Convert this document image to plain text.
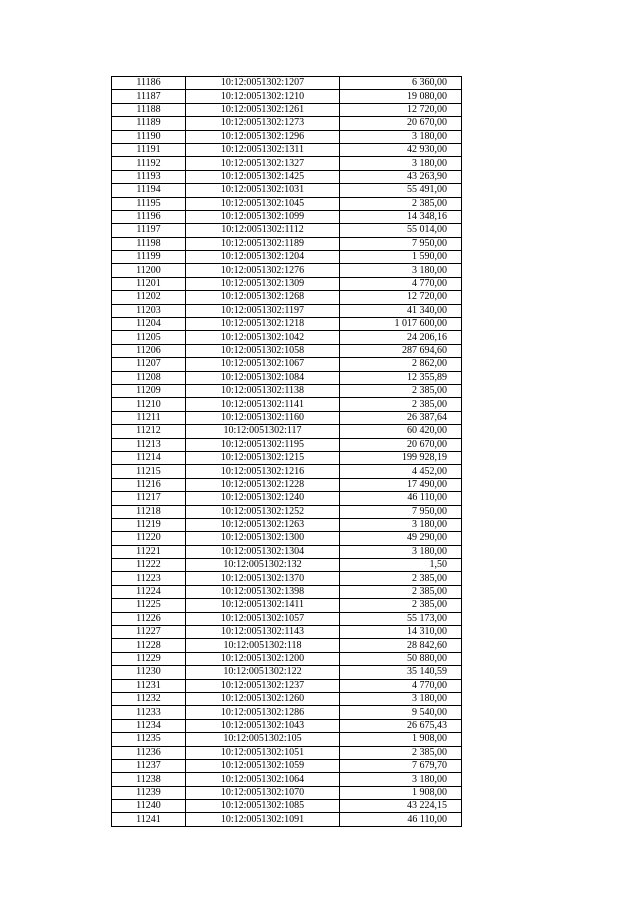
11186	10:12:0051302:1207	6 360,00
11187	10:12:0051302:1210	19 080,00
11188	10:12:0051302:1261	12 720,00
11189	10:12:0051302:1273	20 670,00
11190	10:12:0051302:1296	3 180,00
11191	10:12:0051302:1311	42 930,00
11192	10:12:0051302:1327	3 180,00
11193	10:12:0051302:1425	43 263,90
11194	10:12:0051302:1031	55 491,00
11195	10:12:0051302:1045	2 385,00
11196	10:12:0051302:1099	14 348,16
11197	10:12:0051302:1112	55 014,00
11198	10:12:0051302:1189	7 950,00
11199	10:12:0051302:1204	1 590,00
11200	10:12:0051302:1276	3 180,00
11201	10:12:0051302:1309	4 770,00
11202	10:12:0051302:1268	12 720,00
11203	10:12:0051302:1197	41 340,00
11204	10:12:0051302:1218	1 017 600,00
11205	10:12:0051302:1042	24 206,16
11206	10:12:0051302:1058	287 694,60
11207	10:12:0051302:1067	2 862,00
11208	10:12:0051302:1084	12 355,89
11209	10:12:0051302:1138	2 385,00
11210	10:12:0051302:1141	2 385,00
11211	10:12:0051302:1160	26 387,64
11212	10:12:0051302:117	60 420,00
11213	10:12:0051302:1195	20 670,00
11214	10:12:0051302:1215	199 928,19
11215	10:12:0051302:1216	4 452,00
11216	10:12:0051302:1228	17 490,00
11217	10:12:0051302:1240	46 110,00
11218	10:12:0051302:1252	7 950,00
11219	10:12:0051302:1263	3 180,00
11220	10:12:0051302:1300	49 290,00
11221	10:12:0051302:1304	3 180,00
11222	10:12:0051302:132	1,50
11223	10:12:0051302:1370	2 385,00
11224	10:12:0051302:1398	2 385,00
11225	10:12:0051302:1411	2 385,00
11226	10:12:0051302:1057	55 173,00
11227	10:12:0051302:1143	14 310,00
11228	10:12:0051302:118	28 842,60
11229	10:12:0051302:1200	50 880,00
11230	10:12:0051302:122	35 140,59
11231	10:12:0051302:1237	4 770,00
11232	10:12:0051302:1260	3 180,00
11233	10:12:0051302:1286	9 540,00
11234	10:12:0051302:1043	26 675,43
11235	10:12:0051302:105	1 908,00
11236	10:12:0051302:1051	2 385,00
11237	10:12:0051302:1059	7 679,70
11238	10:12:0051302:1064	3 180,00
11239	10:12:0051302:1070	1 908,00
11240	10:12:0051302:1085	43 224,15
11241	10:12:0051302:1091	46 110,00
